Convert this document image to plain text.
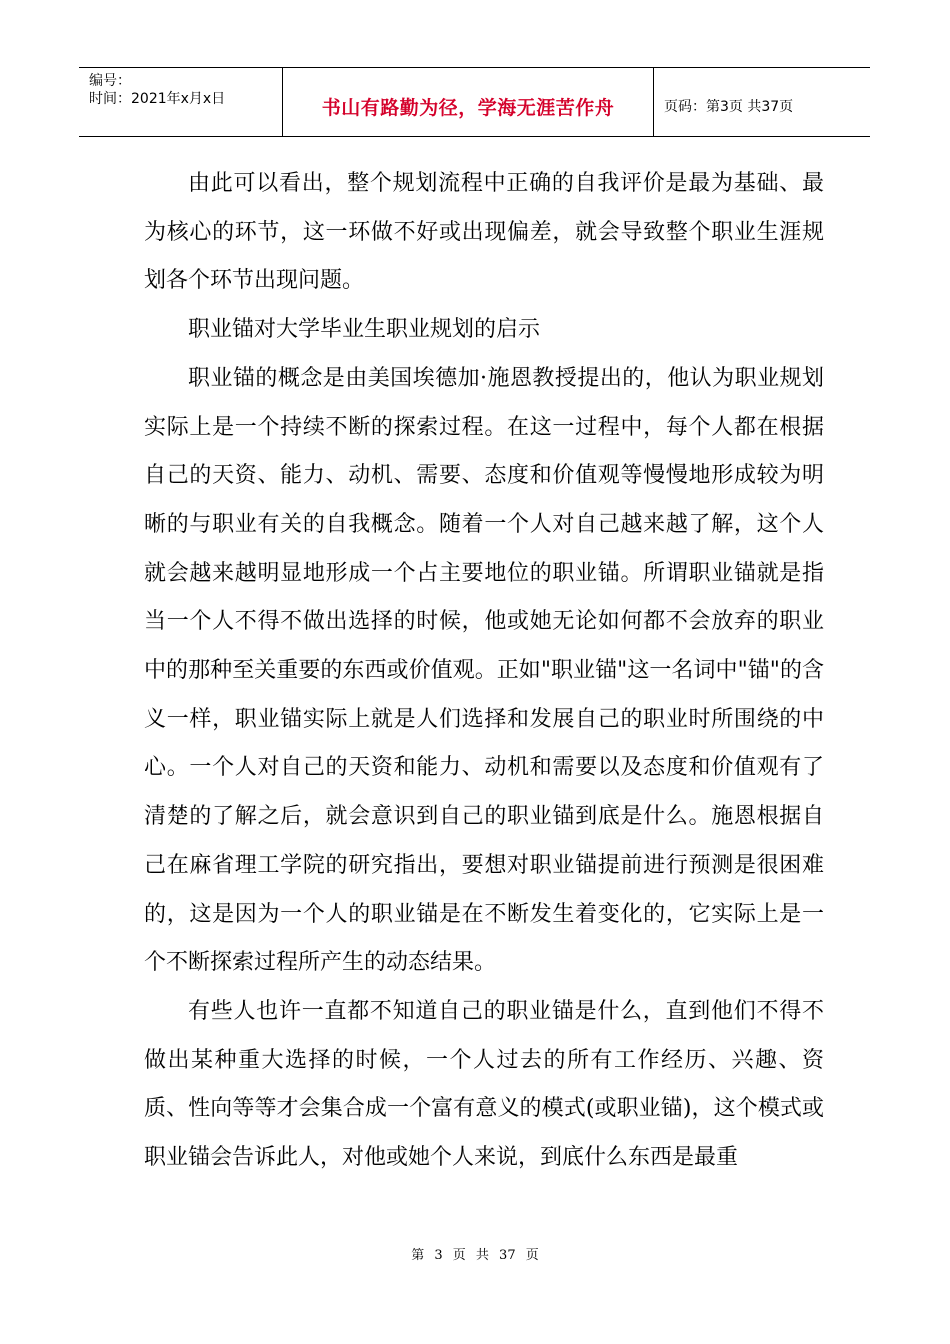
编号：
时间：2021年x月x日	书山有路勤为径，学海无涯苦作舟	页码：第3页 共37页

由此可以看出，整个规划流程中正确的自我评价是最为基础、最为核心的环节，这一环做不好或出现偏差，就会导致整个职业生涯规划各个环节出现问题。

职业锚对大学毕业生职业规划的启示

职业锚的概念是由美国埃德加·施恩教授提出的，他认为职业规划实际上是一个持续不断的探索过程。在这一过程中，每个人都在根据自己的天资、能力、动机、需要、态度和价值观等慢慢地形成较为明晰的与职业有关的自我概念。随着一个人对自己越来越了解，这个人就会越来越明显地形成一个占主要地位的职业锚。所谓职业锚就是指当一个人不得不做出选择的时候，他或她无论如何都不会放弃的职业中的那种至关重要的东西或价值观。正如"职业锚"这一名词中"锚"的含义一样，职业锚实际上就是人们选择和发展自己的职业时所围绕的中心。一个人对自己的天资和能力、动机和需要以及态度和价值观有了清楚的了解之后，就会意识到自己的职业锚到底是什么。施恩根据自己在麻省理工学院的研究指出，要想对职业锚提前进行预测是很困难的，这是因为一个人的职业锚是在不断发生着变化的，它实际上是一个不断探索过程所产生的动态结果。

有些人也许一直都不知道自己的职业锚是什么，直到他们不得不做出某种重大选择的时候，一个人过去的所有工作经历、兴趣、资质、性向等等才会集合成一个富有意义的模式(或职业锚)，这个模式或职业锚会告诉此人，对他或她个人来说，到底什么东西是最重

第 3 页 共 37 页
